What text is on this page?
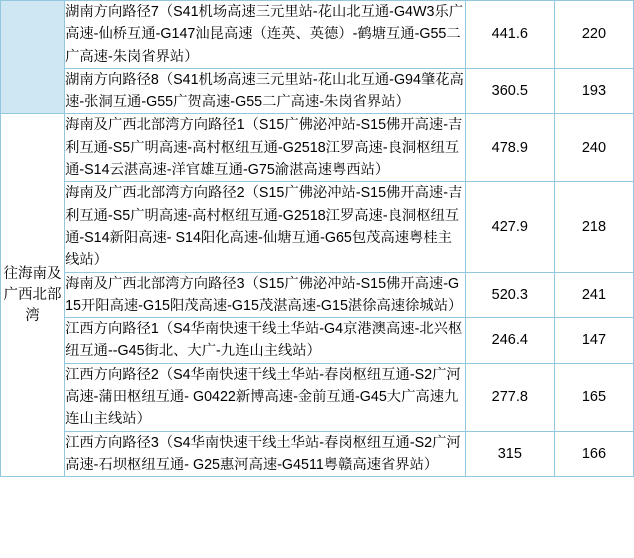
	湖南方向路径7（S41机场高速三元里站-花山北互通-G4W3乐广高速-仙桥互通-G147汕昆高速（连英、英德）-鹤塘互通-G55二广高速-朱岗省界站）	441.6	220
	湖南方向路径8（S41机场高速三元里站-花山北互通-G94肇花高速-张洞互通-G55广贺高速-G55二广高速-朱岗省界站）	360.5	193
往海南及广西北部湾	海南及广西北部湾方向路径1（S15广佛泌冲站-S15佛开高速-吉利互通-S5广明高速-高村枢纽互通-G2518江罗高速-良洞枢纽互通-S14云湛高速-洋官雄互通-G75渝湛高速粤西站）	478.9	240
	海南及广西北部湾方向路径2（S15广佛泌冲站-S15佛开高速-吉利互通-S5广明高速-高村枢纽互通-G2518江罗高速-良洞枢纽互通-S14新阳高速- S14阳化高速-仙塘互通-G65包茂高速粤桂主线站）	427.9	218
	海南及广西北部湾方向路径3（S15广佛泌冲站-S15佛开高速-G15开阳高速-G15阳茂高速-G15茂湛高速-G15湛徐高速徐城站）	520.3	241
	江西方向路径1（S4华南快速干线土华站-G4京港澳高速-北兴枢纽互通--G45街北、大广-九连山主线站）	246.4	147
	江西方向路径2（S4华南快速干线土华站-春岗枢纽互通-S2广河高速-蒲田枢纽互通- G0422新博高速-金前互通-G45大广高速九连山主线站）	277.8	165
	江西方向路径3（S4华南快速干线土华站-春岗枢纽互通-S2广河高速-石坝枢纽互通- G25惠河高速-G4511粤赣高速省界站）	315	166
